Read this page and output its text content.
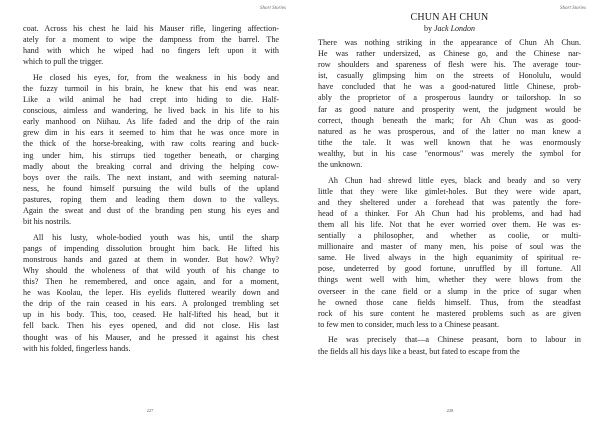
Short Stories
coat. Across his chest he laid his Mauser rifle, lingering affection-
ately for a moment to wipe the dampness from the barrel. The
hand with which he wiped had no fingers left upon it with
which to pull the trigger.
He closed his eyes, for, from the weakness in his body and
the fuzzy turmoil in his brain, he knew that his end was near.
Like a wild animal he had crept into hiding to die. Half-
conscious, aimless and wandering, he lived back in his life to his
early manhood on Niihau. As life faded and the drip of the rain
grew dim in his ears it seemed to him that he was once more in
the thick of the horse-breaking, with raw colts rearing and buck-
ing under him, his stirrups tied together beneath, or charging
madly about the breaking corral and driving the helping cow-
boys over the rails. The next instant, and with seeming natural-
ness, he found himself pursuing the wild bulls of the upland
pastures, roping them and leading them down to the valleys.
Again the sweat and dust of the branding pen stung his eyes and
bit his nostrils.
All his lusty, whole-bodied youth was his, until the sharp
pangs of impending dissolution brought him back. He lifted his
monstrous hands and gazed at them in wonder. But how? Why?
Why should the wholeness of that wild youth of his change to
this? Then he remembered, and once again, and for a moment,
he was Koolau, the leper. His eyelids fluttered wearily down and
the drip of the rain ceased in his ears. A prolonged trembling set
up in his body. This, too, ceased. He half-lifted his head, but it
fell back. Then his eyes opened, and did not close. His last
thought was of his Mauser, and he pressed it against his chest
with his folded, fingerless hands.
227
Short Stories
CHUN AH CHUN
by Jack London
There was nothing striking in the appearance of Chun Ah Chun.
He was rather undersized, as Chinese go, and the Chinese nar-
row shoulders and spareness of flesh were his. The average tour-
ist, casually glimpsing him on the streets of Honolulu, would
have concluded that he was a good-natured little Chinese, prob-
ably the proprietor of a prosperous laundry or tailorshop. In so
far as good nature and prosperity went, the judgment would be
correct, though beneath the mark; for Ah Chun was as good-
natured as he was prosperous, and of the latter no man knew a
tithe the tale. It was well known that he was enormously
wealthy, but in his case "enormous" was merely the symbol for
the unknown.
Ah Chun had shrewd little eyes, black and beady and so very
little that they were like gimlet-holes. But they were wide apart,
and they sheltered under a forehead that was patently the fore-
head of a thinker. For Ah Chun had his problems, and had had
them all his life. Not that he ever worried over them. He was es-
sentially a philosopher, and whether as coolie, or multi-
millionaire and master of many men, his poise of soul was the
same. He lived always in the high equanimity of spiritual re-
pose, undeterred by good fortune, unruffled by ill fortune. All
things went well with him, whether they were blows from the
overseer in the cane field or a slump in the price of sugar when
he owned those cane fields himself. Thus, from the steadfast
rock of his sure content he mastered problems such as are given
to few men to consider, much less to a Chinese peasant.
He was precisely that—a Chinese peasant, born to labour in
the fields all his days like a beast, but fated to escape from the
228
